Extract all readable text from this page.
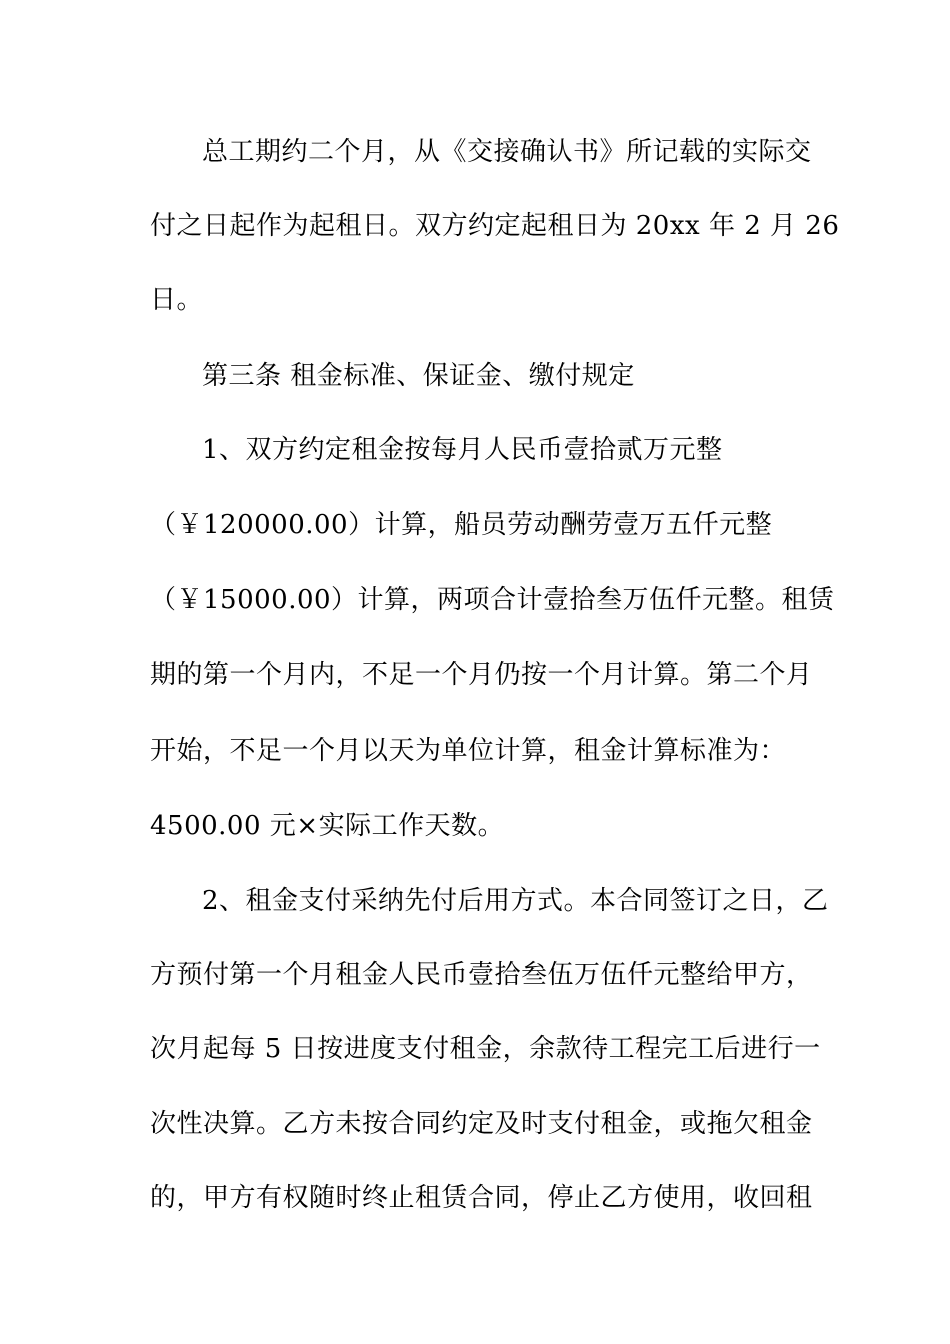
总工期约二个月，从《交接确认书》所记载的实际交
付之日起作为起租日。双方约定起租日为 20xx 年 2 月 26
日。
第三条 租金标准、保证金、缴付规定
1、双方约定租金按每月人民币壹拾贰万元整
（￥120000.00）计算，船员劳动酬劳壹万五仟元整
（￥15000.00）计算，两项合计壹拾叁万伍仟元整。租赁
期的第一个月内，不足一个月仍按一个月计算。第二个月
开始，不足一个月以天为单位计算，租金计算标准为：
4500.00 元×实际工作天数。
2、租金支付采纳先付后用方式。本合同签订之日，乙
方预付第一个月租金人民币壹拾叁伍万伍仟元整给甲方，
次月起每 5 日按进度支付租金，余款待工程完工后进行一
次性决算。乙方未按合同约定及时支付租金，或拖欠租金
的，甲方有权随时终止租赁合同，停止乙方使用，收回租
